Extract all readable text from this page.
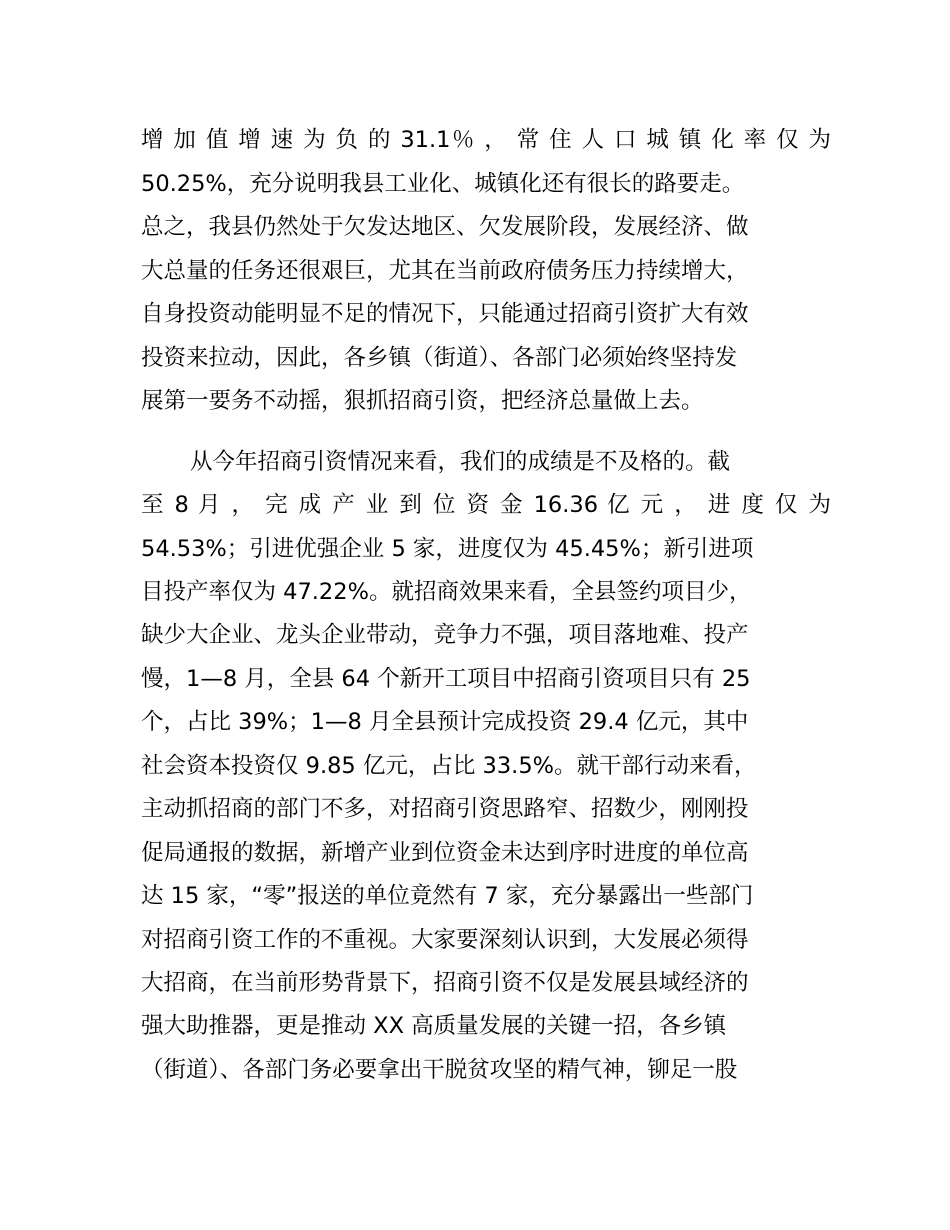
增 加 值 增 速 为 负 的 31.1％ ， 常 住 人 口 城 镇 化 率 仅 为
50.25%，充分说明我县工业化、城镇化还有很长的路要走。
总之，我县仍然处于欠发达地区、欠发展阶段，发展经济、做
大总量的任务还很艰巨，尤其在当前政府债务压力持续增大，
自身投资动能明显不足的情况下，只能通过招商引资扩大有效
投资来拉动，因此，各乡镇（街道）、各部门必须始终坚持发
展第一要务不动摇，狠抓招商引资，把经济总量做上去。
从今年招商引资情况来看，我们的成绩是不及格的。截
至 8 月 ， 完 成 产 业 到 位 资 金 16.36 亿 元 ， 进 度 仅 为
54.53%；引进优强企业 5 家，进度仅为 45.45%；新引进项
目投产率仅为 47.22%。就招商效果来看，全县签约项目少，
缺少大企业、龙头企业带动，竞争力不强，项目落地难、投产
慢，1—8 月，全县 64 个新开工项目中招商引资项目只有 25
个，占比 39%；1—8 月全县预计完成投资 29.4 亿元，其中
社会资本投资仅 9.85 亿元，占比 33.5%。就干部行动来看，
主动抓招商的部门不多，对招商引资思路窄、招数少，刚刚投
促局通报的数据，新增产业到位资金未达到序时进度的单位高
达 15 家，“零”报送的单位竟然有 7 家，充分暴露出一些部门
对招商引资工作的不重视。大家要深刻认识到，大发展必须得
大招商，在当前形势背景下，招商引资不仅是发展县域经济的
强大助推器，更是推动 XX 高质量发展的关键一招，各乡镇
（街道）、各部门务必要拿出干脱贫攻坚的精气神，铆足一股
